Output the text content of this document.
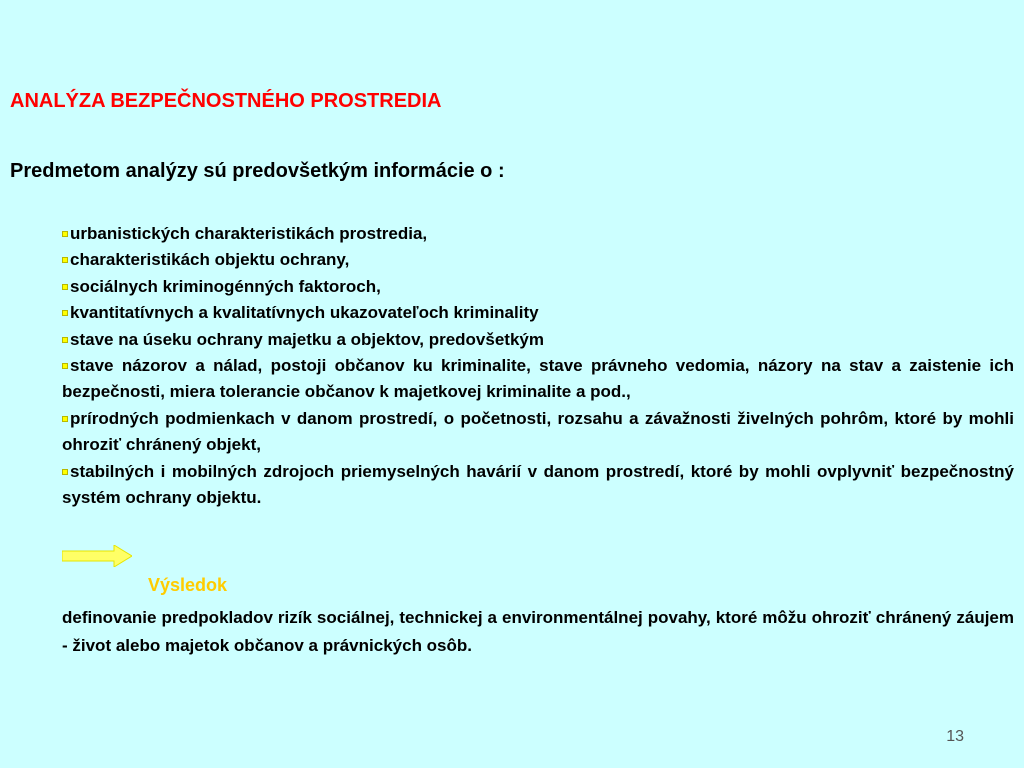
ANALÝZA BEZPEČNOSTNÉHO PROSTREDIA

Predmetom analýzy sú predovšetkým informácie o :

urbanistických charakteristikách prostredia,
charakteristikách objektu ochrany,
sociálnych kriminogénných faktoroch,
kvantitatívnych a kvalitatívnych ukazovateľoch kriminality
stave na úseku ochrany majetku a objektov, predovšetkým
stave názorov a nálad, postoji občanov ku kriminalite, stave právneho vedomia, názory na stav a zaistenie ich bezpečnosti, miera tolerancie občanov k majetkovej kriminalite a pod.,
prírodných podmienkach v danom prostredí, o početnosti, rozsahu a závažnosti živelných pohrôm, ktoré by mohli ohroziť chránený objekt,
stabilných i mobilných zdrojoch priemyselných havárií v danom prostredí, ktoré by mohli ovplyvniť bezpečnostný systém ochrany objektu.

Výsledok

definovanie predpokladov rizík sociálnej, technickej a environmentálnej povahy, ktoré môžu ohroziť chránený záujem - život alebo majetok občanov a právnických osôb.

13
